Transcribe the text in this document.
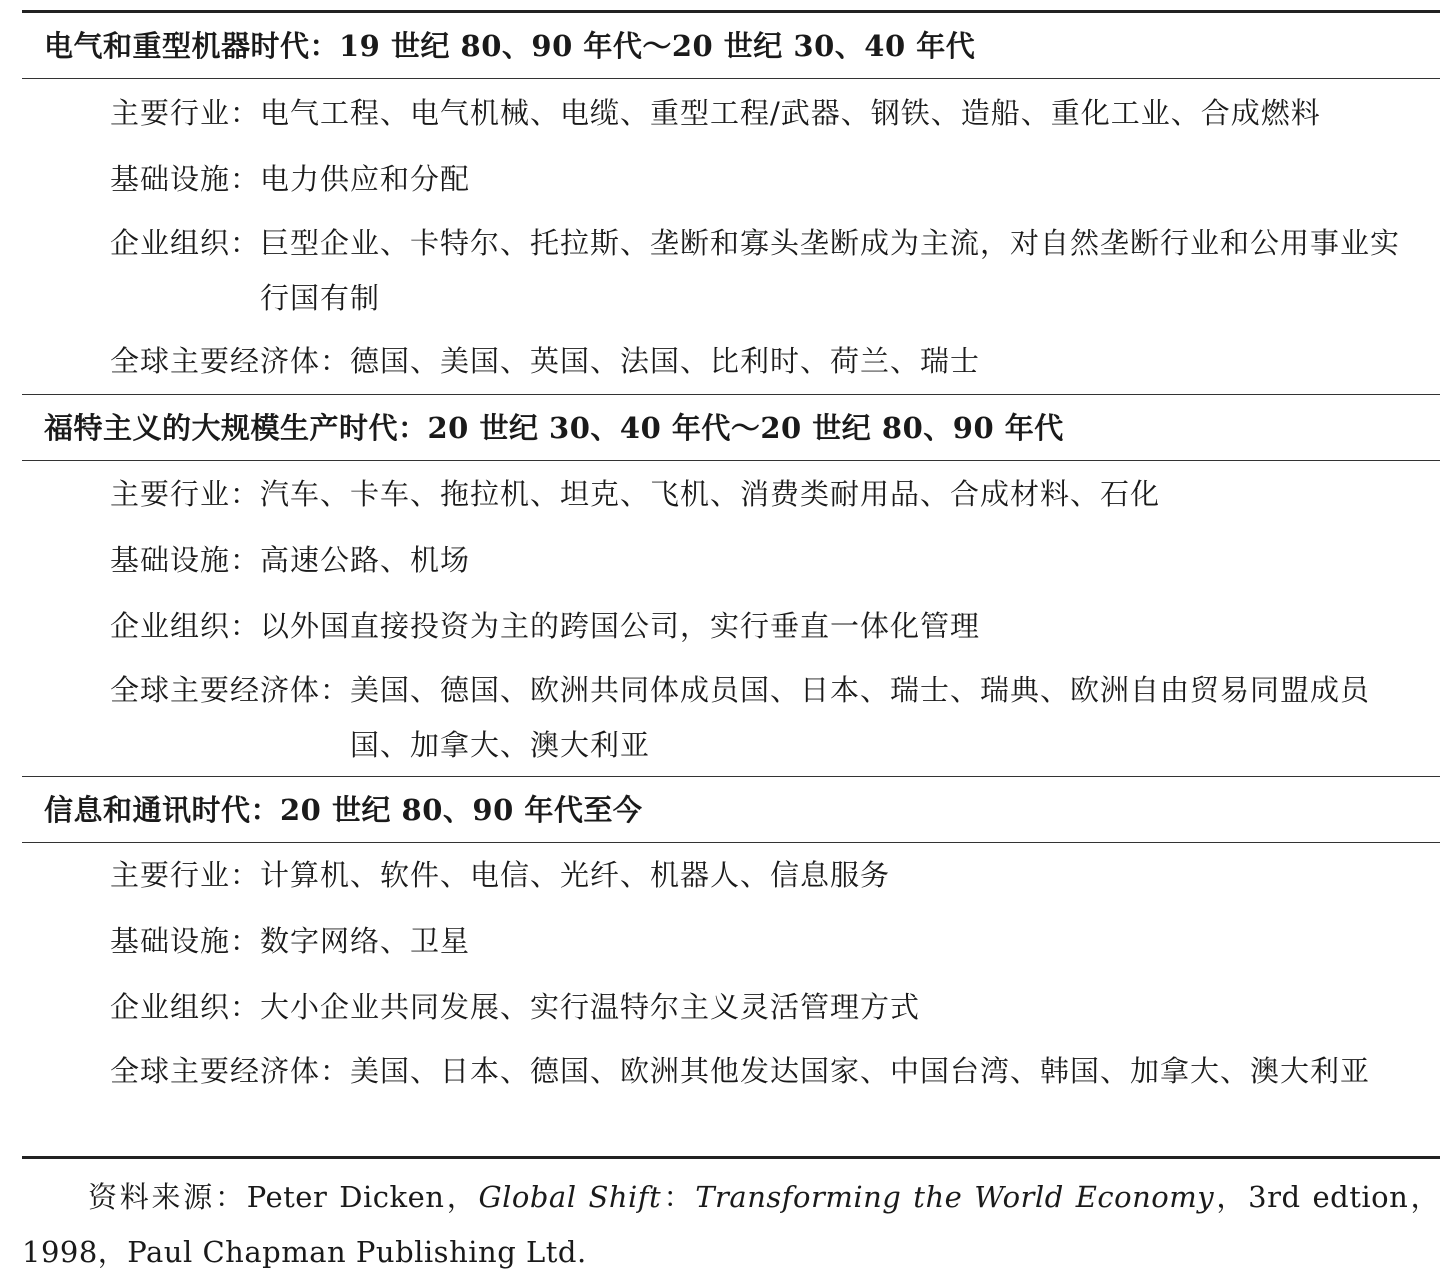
电气和重型机器时代：19 世纪 80、90 年代～20 世纪 30、40 年代
主要行业： 电气工程、电气机械、电缆、重型工程/武器、钢铁、造船、重化工业、合成燃料
基础设施： 电力供应和分配
企业组织： 巨型企业、卡特尔、托拉斯、垄断和寡头垄断成为主流，对自然垄断行业和公用事业实行国有制
全球主要经济体： 德国、美国、英国、法国、比利时、荷兰、瑞士
福特主义的大规模生产时代：20 世纪 30、40 年代～20 世纪 80、90 年代
主要行业： 汽车、卡车、拖拉机、坦克、飞机、消费类耐用品、合成材料、石化
基础设施： 高速公路、机场
企业组织： 以外国直接投资为主的跨国公司，实行垂直一体化管理
全球主要经济体： 美国、德国、欧洲共同体成员国、日本、瑞士、瑞典、欧洲自由贸易同盟成员国、加拿大、澳大利亚
信息和通讯时代：20 世纪 80、90 年代至今
主要行业： 计算机、软件、电信、光纤、机器人、信息服务
基础设施： 数字网络、卫星
企业组织： 大小企业共同发展、实行温特尔主义灵活管理方式
全球主要经济体： 美国、日本、德国、欧洲其他发达国家、中国台湾、韩国、加拿大、澳大利亚
资料来源：Peter Dicken，Global Shift：Transforming the World Economy，3rd edtion，1998，Paul Chapman Publishing Ltd.
